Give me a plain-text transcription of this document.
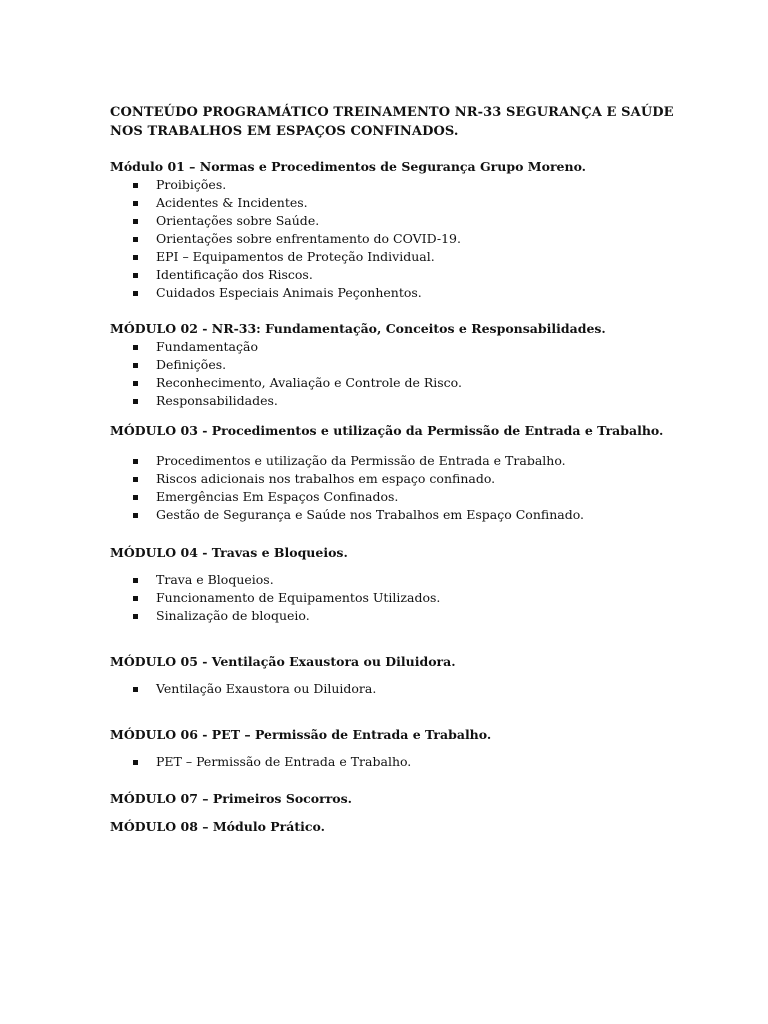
CONTEÚDO PROGRAMÁTICO TREINAMENTO NR-33 SEGURANÇA E SAÚDE
NOS TRABALHOS EM ESPAÇOS CONFINADOS.
Módulo 01 – Normas e Procedimentos de Segurança Grupo Moreno.
Proibições.
Acidentes & Incidentes.
Orientações sobre Saúde.
Orientações sobre enfrentamento do COVID-19.
EPI – Equipamentos de Proteção Individual.
Identificação dos Riscos.
Cuidados Especiais Animais Peçonhentos.
MÓDULO 02 - NR-33: Fundamentação, Conceitos e Responsabilidades.
Fundamentação
Definições.
Reconhecimento, Avaliação e Controle de Risco.
Responsabilidades.
MÓDULO 03 - Procedimentos e utilização da Permissão de Entrada e Trabalho.
Procedimentos e utilização da Permissão de Entrada e Trabalho.
Riscos adicionais nos trabalhos em espaço confinado.
Emergências Em Espaços Confinados.
Gestão de Segurança e Saúde nos Trabalhos em Espaço Confinado.
MÓDULO 04 - Travas e Bloqueios.
Trava e Bloqueios.
Funcionamento de Equipamentos Utilizados.
Sinalização de bloqueio.
MÓDULO 05 - Ventilação Exaustora ou Diluidora.
Ventilação Exaustora ou Diluidora.
MÓDULO 06 - PET – Permissão de Entrada e Trabalho.
PET – Permissão de Entrada e Trabalho.
MÓDULO 07 – Primeiros Socorros.
MÓDULO 08 – Módulo Prático.
